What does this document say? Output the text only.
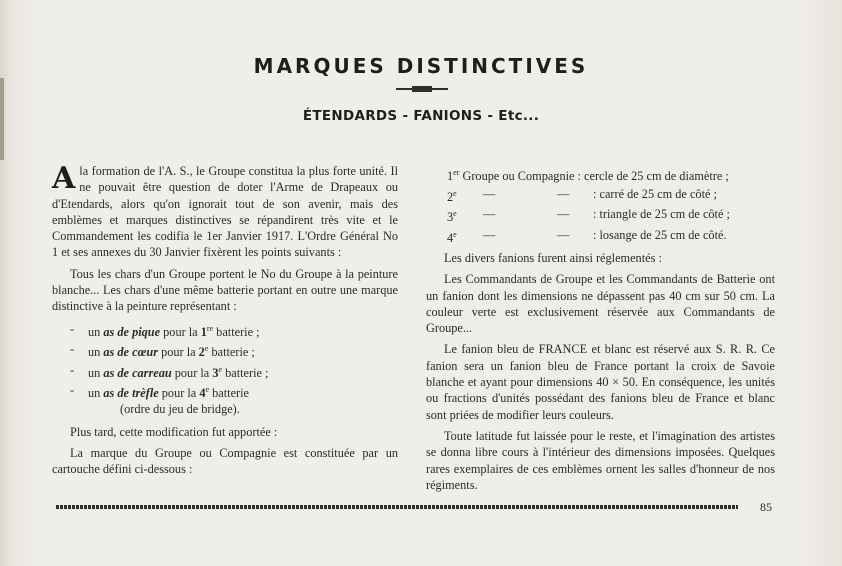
MARQUES DISTINCTIVES
ÉTENDARDS - FANIONS - Etc...

Ala formation de l'A. S., le Groupe constitua la plus forte unité. Il ne pouvait être question de doter l'Arme de Drapeaux ou d'Etendards, alors qu'on ignorait tout de son avenir, mais des emblèmes et marques distinctives se répandirent très vite et le Commandement les codifia le 1er Janvier 1917. L'Ordre Général No 1 et ses annexes du 30 Janvier fixèrent les points suivants :

Tous les chars d'un Groupe portent le No du Groupe à la peinture blanche... Les chars d'une même batterie portant en outre une marque distinctive à la peinture représentant :

- un as de pique pour la 1re batterie ;
- un as de cœur pour la 2e batterie ;
- un as de carreau pour la 3e batterie ;
- un as de trèfle pour la 4e batterie
(ordre du jeu de bridge).

Plus tard, cette modification fut apportée :

La marque du Groupe ou Compagnie est constituée par un cartouche défini ci-dessous :

1er Groupe ou Compagnie : cercle de 25 cm de diamètre ;
2e —	— : carré de 25 cm de côté ;
3e —	— : triangle de 25 cm de côté ;
4e —	— : losange de 25 cm de côté.

Les divers fanions furent ainsi réglementés :

Les Commandants de Groupe et les Commandants de Batterie ont un fanion dont les dimensions ne dépassent pas 40 cm sur 50 cm. La couleur verte est exclusivement réservée aux Commandants de Groupe...

Le fanion bleu de FRANCE et blanc est réservé aux S. R. R. Ce fanion sera un fanion bleu de France portant la croix de Savoie blanche et ayant pour dimensions 40 × 50. En conséquence, les unités ou fractions d'unités possédant des fanions bleu de France et blanc sont priées de modifier leurs couleurs.

Toute latitude fut laissée pour le reste, et l'imagination des artistes se donna libre cours à l'intérieur des dimensions imposées. Quelques rares exemplaires de ces emblèmes ornent les salles d'honneur de nos régiments.

85
